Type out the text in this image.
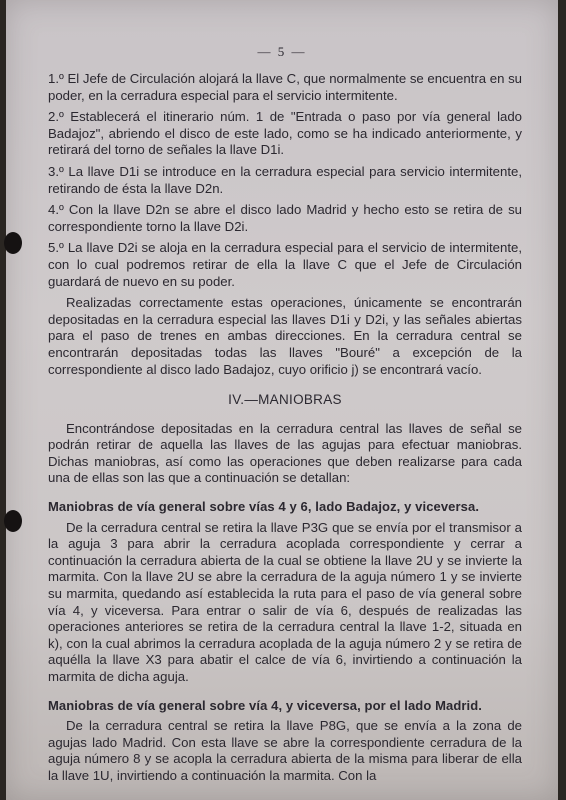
— 5 —

1.º El Jefe de Circulación alojará la llave C, que normalmente se encuentra en su poder, en la cerradura especial para el servicio intermitente.

2.º Establecerá el itinerario núm. 1 de "Entrada o paso por vía general lado Badajoz", abriendo el disco de este lado, como se ha indicado anteriormente, y retirará del torno de señales la llave D1i.

3.º La llave D1i se introduce en la cerradura especial para servicio intermitente, retirando de ésta la llave D2n.

4.º Con la llave D2n se abre el disco lado Madrid y hecho esto se retira de su correspondiente torno la llave D2i.

5.º La llave D2i se aloja en la cerradura especial para el servicio de intermitente, con lo cual podremos retirar de ella la llave C que el Jefe de Circulación guardará de nuevo en su poder.

Realizadas correctamente estas operaciones, únicamente se encontrarán depositadas en la cerradura especial las llaves D1i y D2i, y las señales abiertas para el paso de trenes en ambas direcciones. En la cerradura central se encontrarán depositadas todas las llaves "Bouré" a excepción de la correspondiente al disco lado Badajoz, cuyo orificio j) se encontrará vacío.

IV.—MANIOBRAS

Encontrándose depositadas en la cerradura central las llaves de señal se podrán retirar de aquella las llaves de las agujas para efectuar maniobras. Dichas maniobras, así como las operaciones que deben realizarse para cada una de ellas son las que a continuación se detallan:

Maniobras de vía general sobre vías 4 y 6, lado Badajoz, y viceversa.

De la cerradura central se retira la llave P3G que se envía por el transmisor a la aguja 3 para abrir la cerradura acoplada correspondiente y cerrar a continuación la cerradura abierta de la cual se obtiene la llave 2U y se invierte la marmita. Con la llave 2U se abre la cerradura de la aguja número 1 y se invierte su marmita, quedando así establecida la ruta para el paso de vía general sobre vía 4, y viceversa. Para entrar o salir de vía 6, después de realizadas las operaciones anteriores se retira de la cerradura central la llave 1-2, situada en k), con la cual abrimos la cerradura acoplada de la aguja número 2 y se retira de aquélla la llave X3 para abatir el calce de vía 6, invirtiendo a continuación la marmita de dicha aguja.

Maniobras de vía general sobre vía 4, y viceversa, por el lado Madrid.

De la cerradura central se retira la llave P8G, que se envía a la zona de agujas lado Madrid. Con esta llave se abre la correspondiente cerradura de la aguja número 8 y se acopla la cerradura abierta de la misma para liberar de ella la llave 1U, invirtiendo a continuación la marmita. Con la
